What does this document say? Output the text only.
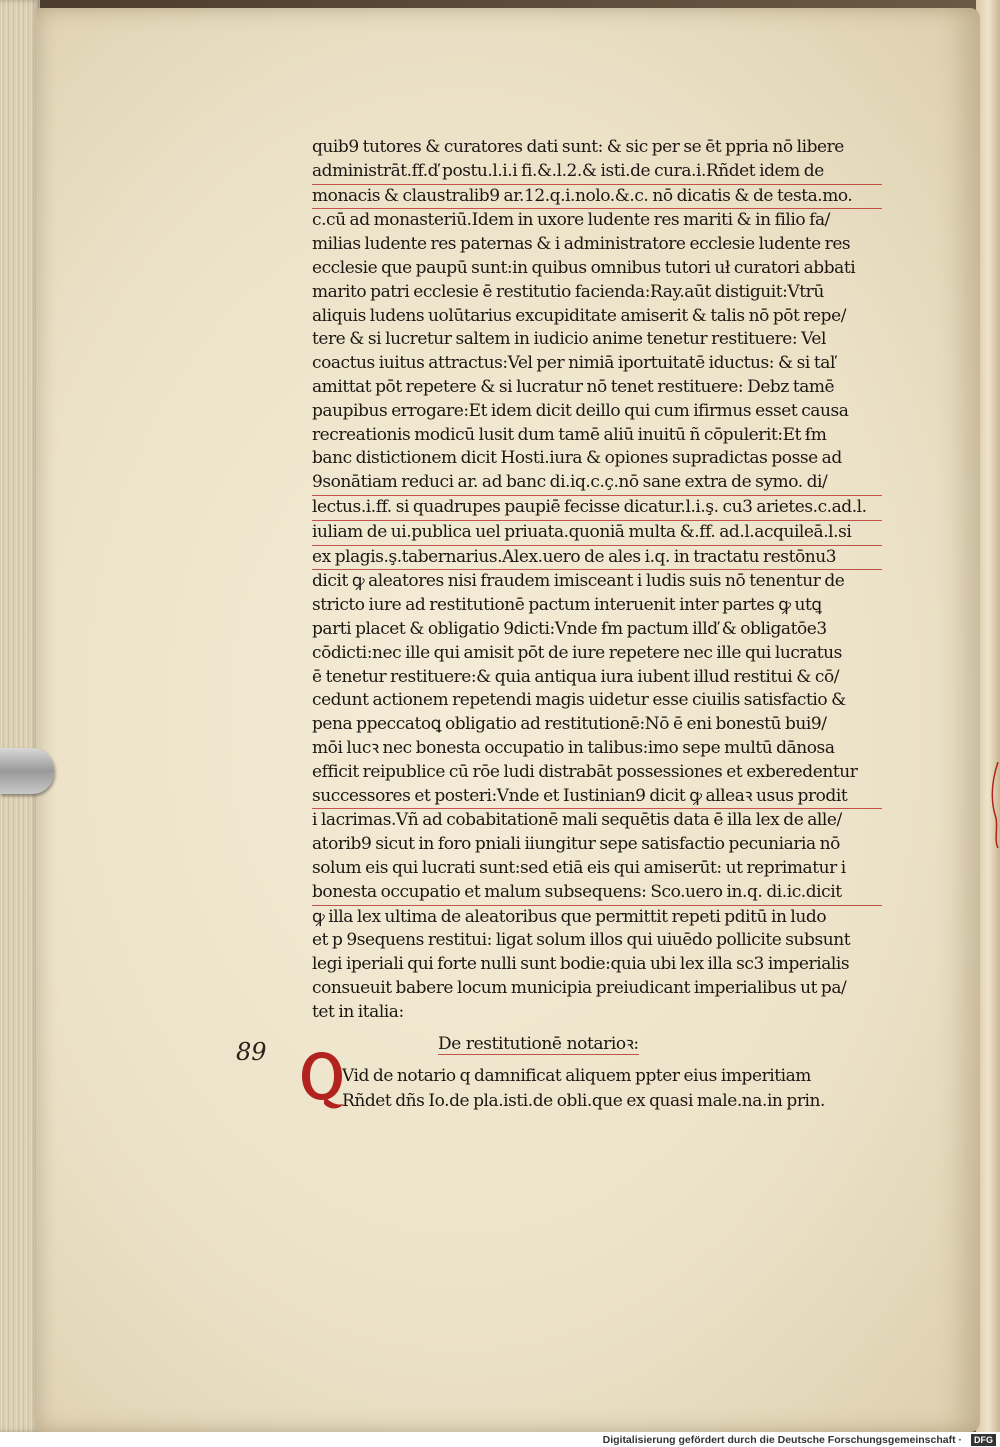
quib9 tutores & curatores dati sunt: & sic per se ēt ppria nō libere
administrāt.ff.ď postu.l.i.i fi.&.l.2.& isti.de cura.i.Rñdet idem de
monacis & claustralib9 ar.12.q.i.nolo.&.c. nō dicatis & de testa.mo.
c.cū ad monasteriū.Idem in uxore ludente res mariti & in filio fa/
milias ludente res paternas & i administratore ecclesie ludente res
ecclesie que paupū sunt:in quibus omnibus tutori uł curatori abbati
marito patri ecclesie ē restitutio facienda:Ray.aūt distiguit:Vtrū
aliquis ludens uolūtarius excupiditate amiserit & talis nō pōt repe/
tere & si lucretur saltem in iudicio anime tenetur restituere: Vel
coactus iuitus attractus:Vel per nimiā iportuitatē iductus: & si taľ
amittat pōt repetere & si lucratur nō tenet restituere: Debz tamē
paupibus errogare:Et idem dicit deillo qui cum ifirmus esset causa
recreationis modicū lusit dum tamē aliū inuitū ñ cōpulerit:Et ẜm
banc distictionem dicit Hosti.iura & opiones supradictas posse ad
9sonātiam reduci ar. ad banc di.iq.c.ç.nō sane extra de symo. di/
lectus.i.ff. si quadrupes paupiē fecisse dicatur.l.i.ş. cu3 arietes.c.ad.l.
iuliam de ui.publica uel priuata.quoniā multa &.ff. ad.l.acquileā.l.si
ex plagis.ş.tabernarius.Alex.uero de ales i.q. in tractatu restōnu3
dicit ꝙ aleatores nisi fraudem imisceant i ludis suis nō tenentur de
stricto iure ad restitutionē pactum interuenit inter partes ꝙ utꝗ
parti placet & obligatio 9dicti:Vnde ẜm pactum illď & obligatōe3
cōdicti:nec ille qui amisit pōt de iure repetere nec ille qui lucratus
ē tenetur restituere:& quia antiqua iura iubent illud restitui & cō/
cedunt actionem repetendi magis uidetur esse ciuilis satisfactio &
pena ppeccatoꝗ obligatio ad restitutionē:Nō ē eni bonestū bui9/
mōi lucꝛ nec bonesta occupatio in talibus:imo sepe multū dānosa
efficit reipublice cū rōe ludi distrabāt possessiones et exberedentur
successores et posteri:Vnde et Iustinian9 dicit ꝙ alleaꝛ usus prodit
i lacrimas.Vñ ad cobabitationē mali sequētis data ē illa lex de alle/
atorib9 sicut in foro pniali iiungitur sepe satisfactio pecuniaria nō
solum eis qui lucrati sunt:sed etiā eis qui amiserūt: ut reprimatur i
bonesta occupatio et malum subsequens: Sco.uero in.q. di.ic.dicit
ꝙ illa lex ultima de aleatoribus que permittit repeti pditū in ludo
et p 9sequens restitui: ligat solum illos qui uiuēdo pollicite subsunt
legi iperiali qui forte nulli sunt bodie:quia ubi lex illa sc3 imperialis
consueuit babere locum municipia preiudicant imperialibus ut pa/
tet in italia:
De restitutionē notarioꝛ:
89
Q Vid de notario q damnificat aliquem ppter eius imperitiam
Rñdet dñs Io.de pla.isti.de obli.que ex quasi male.na.in prin.
Digitalisierung gefördert durch die Deutsche Forschungsgemeinschaft ·	DFG
